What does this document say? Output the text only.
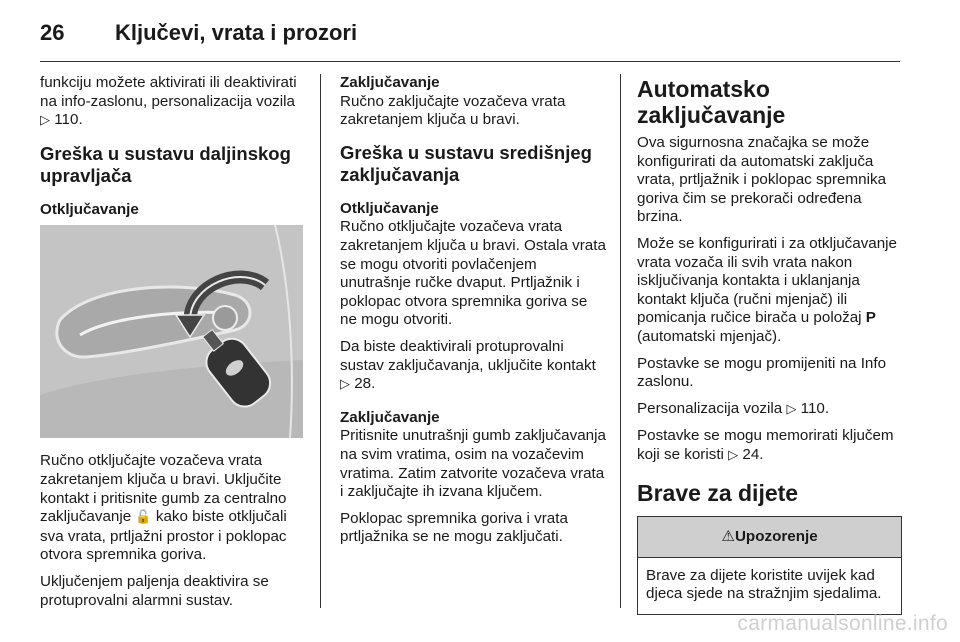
26 Ključevi, vrata i prozori

funkciju možete aktivirati ili deaktivirati na info-zaslonu, personalizacija vozila ▷ 110.

Greška u sustavu daljinskog upravljača

Otključavanje

Ručno otključajte vozačeva vrata zakretanjem ključa u bravi. Uključite kontakt i pritisnite gumb za centralno zaključavanje 🔓 kako biste otključali sva vrata, prtljažni prostor i poklopac otvora spremnika goriva.

Uključenjem paljenja deaktivira se protuprovalni alarmni sustav.

Zaključavanje

Ručno zaključajte vozačeva vrata zakretanjem ključa u bravi.

Greška u sustavu središnjeg zaključavanja

Otključavanje

Ručno otključajte vozačeva vrata zakretanjem ključa u bravi. Ostala vrata se mogu otvoriti povlačenjem unutrašnje ručke dvaput. Prtljažnik i poklopac otvora spremnika goriva se ne mogu otvoriti.

Da biste deaktivirali protuprovalni sustav zaključavanja, uključite kontakt ▷ 28.

Zaključavanje

Pritisnite unutrašnji gumb zaključavanja na svim vratima, osim na vozačevim vratima. Zatim zatvorite vozačeva vrata i zaključajte ih izvana ključem.

Poklopac spremnika goriva i vrata prtljažnika se ne mogu zaključati.

Automatsko zaključavanje

Ova sigurnosna značajka se može konfigurirati da automatski zaključa vrata, prtljažnik i poklopac spremnika goriva čim se prekorači određena brzina.

Može se konfigurirati i za otključavanje vrata vozača ili svih vrata nakon isključivanja kontakta i uklanjanja kontakt ključa (ručni mjenjač) ili pomicanja ručice birača u položaj P (automatski mjenjač).

Postavke se mogu promijeniti na Info zaslonu.

Personalizacija vozila ▷ 110.

Postavke se mogu memorirati ključem koji se koristi ▷ 24.

Brave za dijete
⚠Upozorenje

Brave za dijete koristite uvijek kad djeca sjede na stražnjim sjedalima.

carmanualsonline.info
